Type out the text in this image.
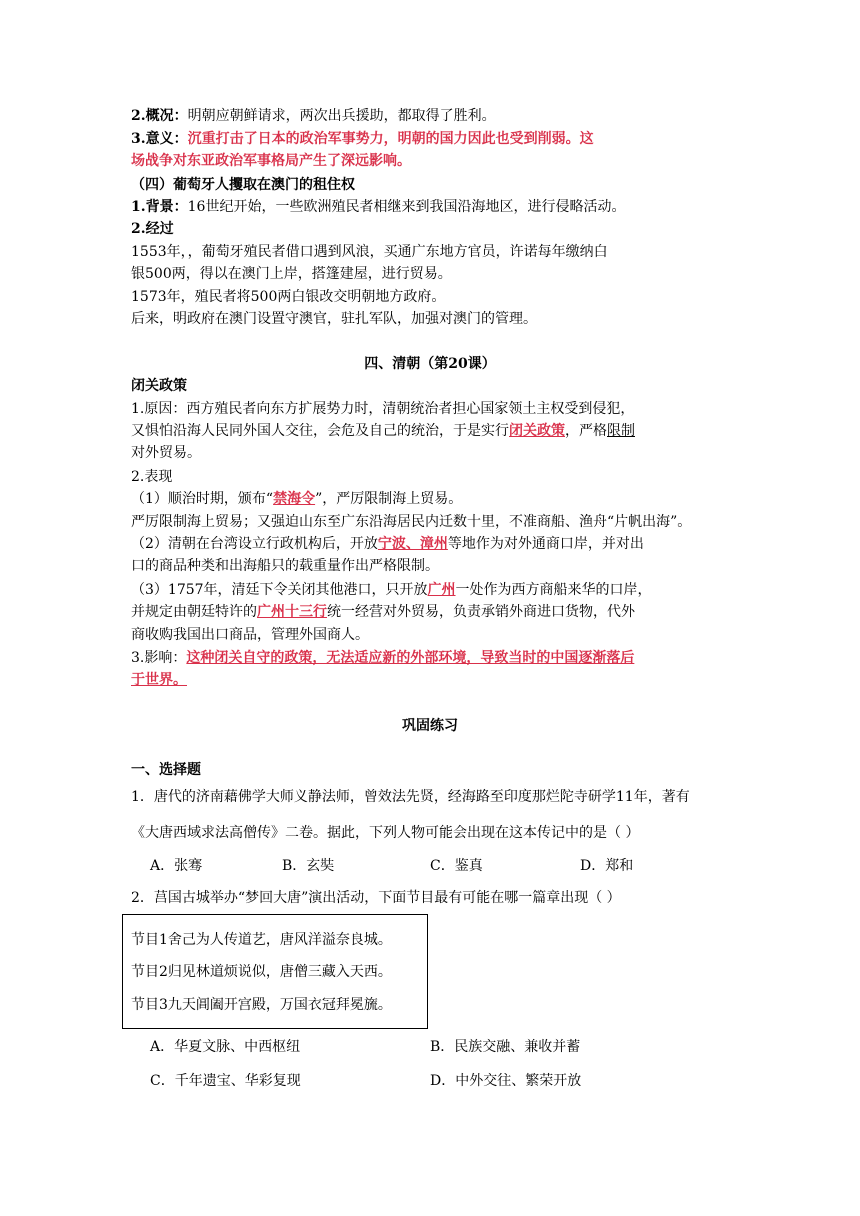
2.概况：明朝应朝鲜请求，两次出兵援助，都取得了胜利。
3.意义：沉重打击了日本的政治军事势力，明朝的国力因此也受到削弱。这
场战争对东亚政治军事格局产生了深远影响。
（四）葡萄牙人攫取在澳门的租住权
1.背景：16世纪开始，一些欧洲殖民者相继来到我国沿海地区，进行侵略活动。
2.经过
1553年，，葡萄牙殖民者借口遇到风浪，买通广东地方官员，许诺每年缴纳白
银500两，得以在澳门上岸，搭篷建屋，进行贸易。
1573年，殖民者将500两白银改交明朝地方政府。
后来，明政府在澳门设置守澳官，驻扎军队，加强对澳门的管理。
四、清朝（第20课）
闭关政策
1.原因：西方殖民者向东方扩展势力时，清朝统治者担心国家领土主权受到侵犯，
又惧怕沿海人民同外国人交往，会危及自己的统治，于是实行闭关政策，严格限制
对外贸易。
2.表现
（1）顺治时期，颁布“禁海令”，严厉限制海上贸易。
严厉限制海上贸易；又强迫山东至广东沿海居民内迁数十里，不准商船、渔舟“片帆出海”。
（2）清朝在台湾设立行政机构后，开放宁波、漳州等地作为对外通商口岸，并对出
口的商品种类和出海船只的载重量作出严格限制。
（3）1757年，清廷下令关闭其他港口，只开放广州一处作为西方商船来华的口岸，
并规定由朝廷特许的广州十三行统一经营对外贸易，负责承销外商进口货物，代外
商收购我国出口商品，管理外国商人。
3.影响：这种闭关自守的政策，无法适应新的外部环境，导致当时的中国逐渐落后
于世界。
巩固练习
一、选择题
1．唐代的济南藉佛学大师义静法师，曾效法先贤，经海路至印度那烂陀寺研学11年，著有
《大唐西域求法高僧传》二卷。据此，下列人物可能会出现在这本传记中的是（ ）
A．张骞	B．玄奘	C．鉴真	D．郑和
2．莒国古城举办“梦回大唐”演出活动，下面节目最有可能在哪一篇章出现（ ）
节目1舍己为人传道艺，唐风洋溢奈良城。
节目2归见林道烦说似，唐僧三藏入天西。
节目3九天阊阖开宫殿，万国衣冠拜冕旒。
A．华夏文脉、中西枢纽	B．民族交融、兼收并蓄
C．千年遗宝、华彩复现	D．中外交往、繁荣开放
